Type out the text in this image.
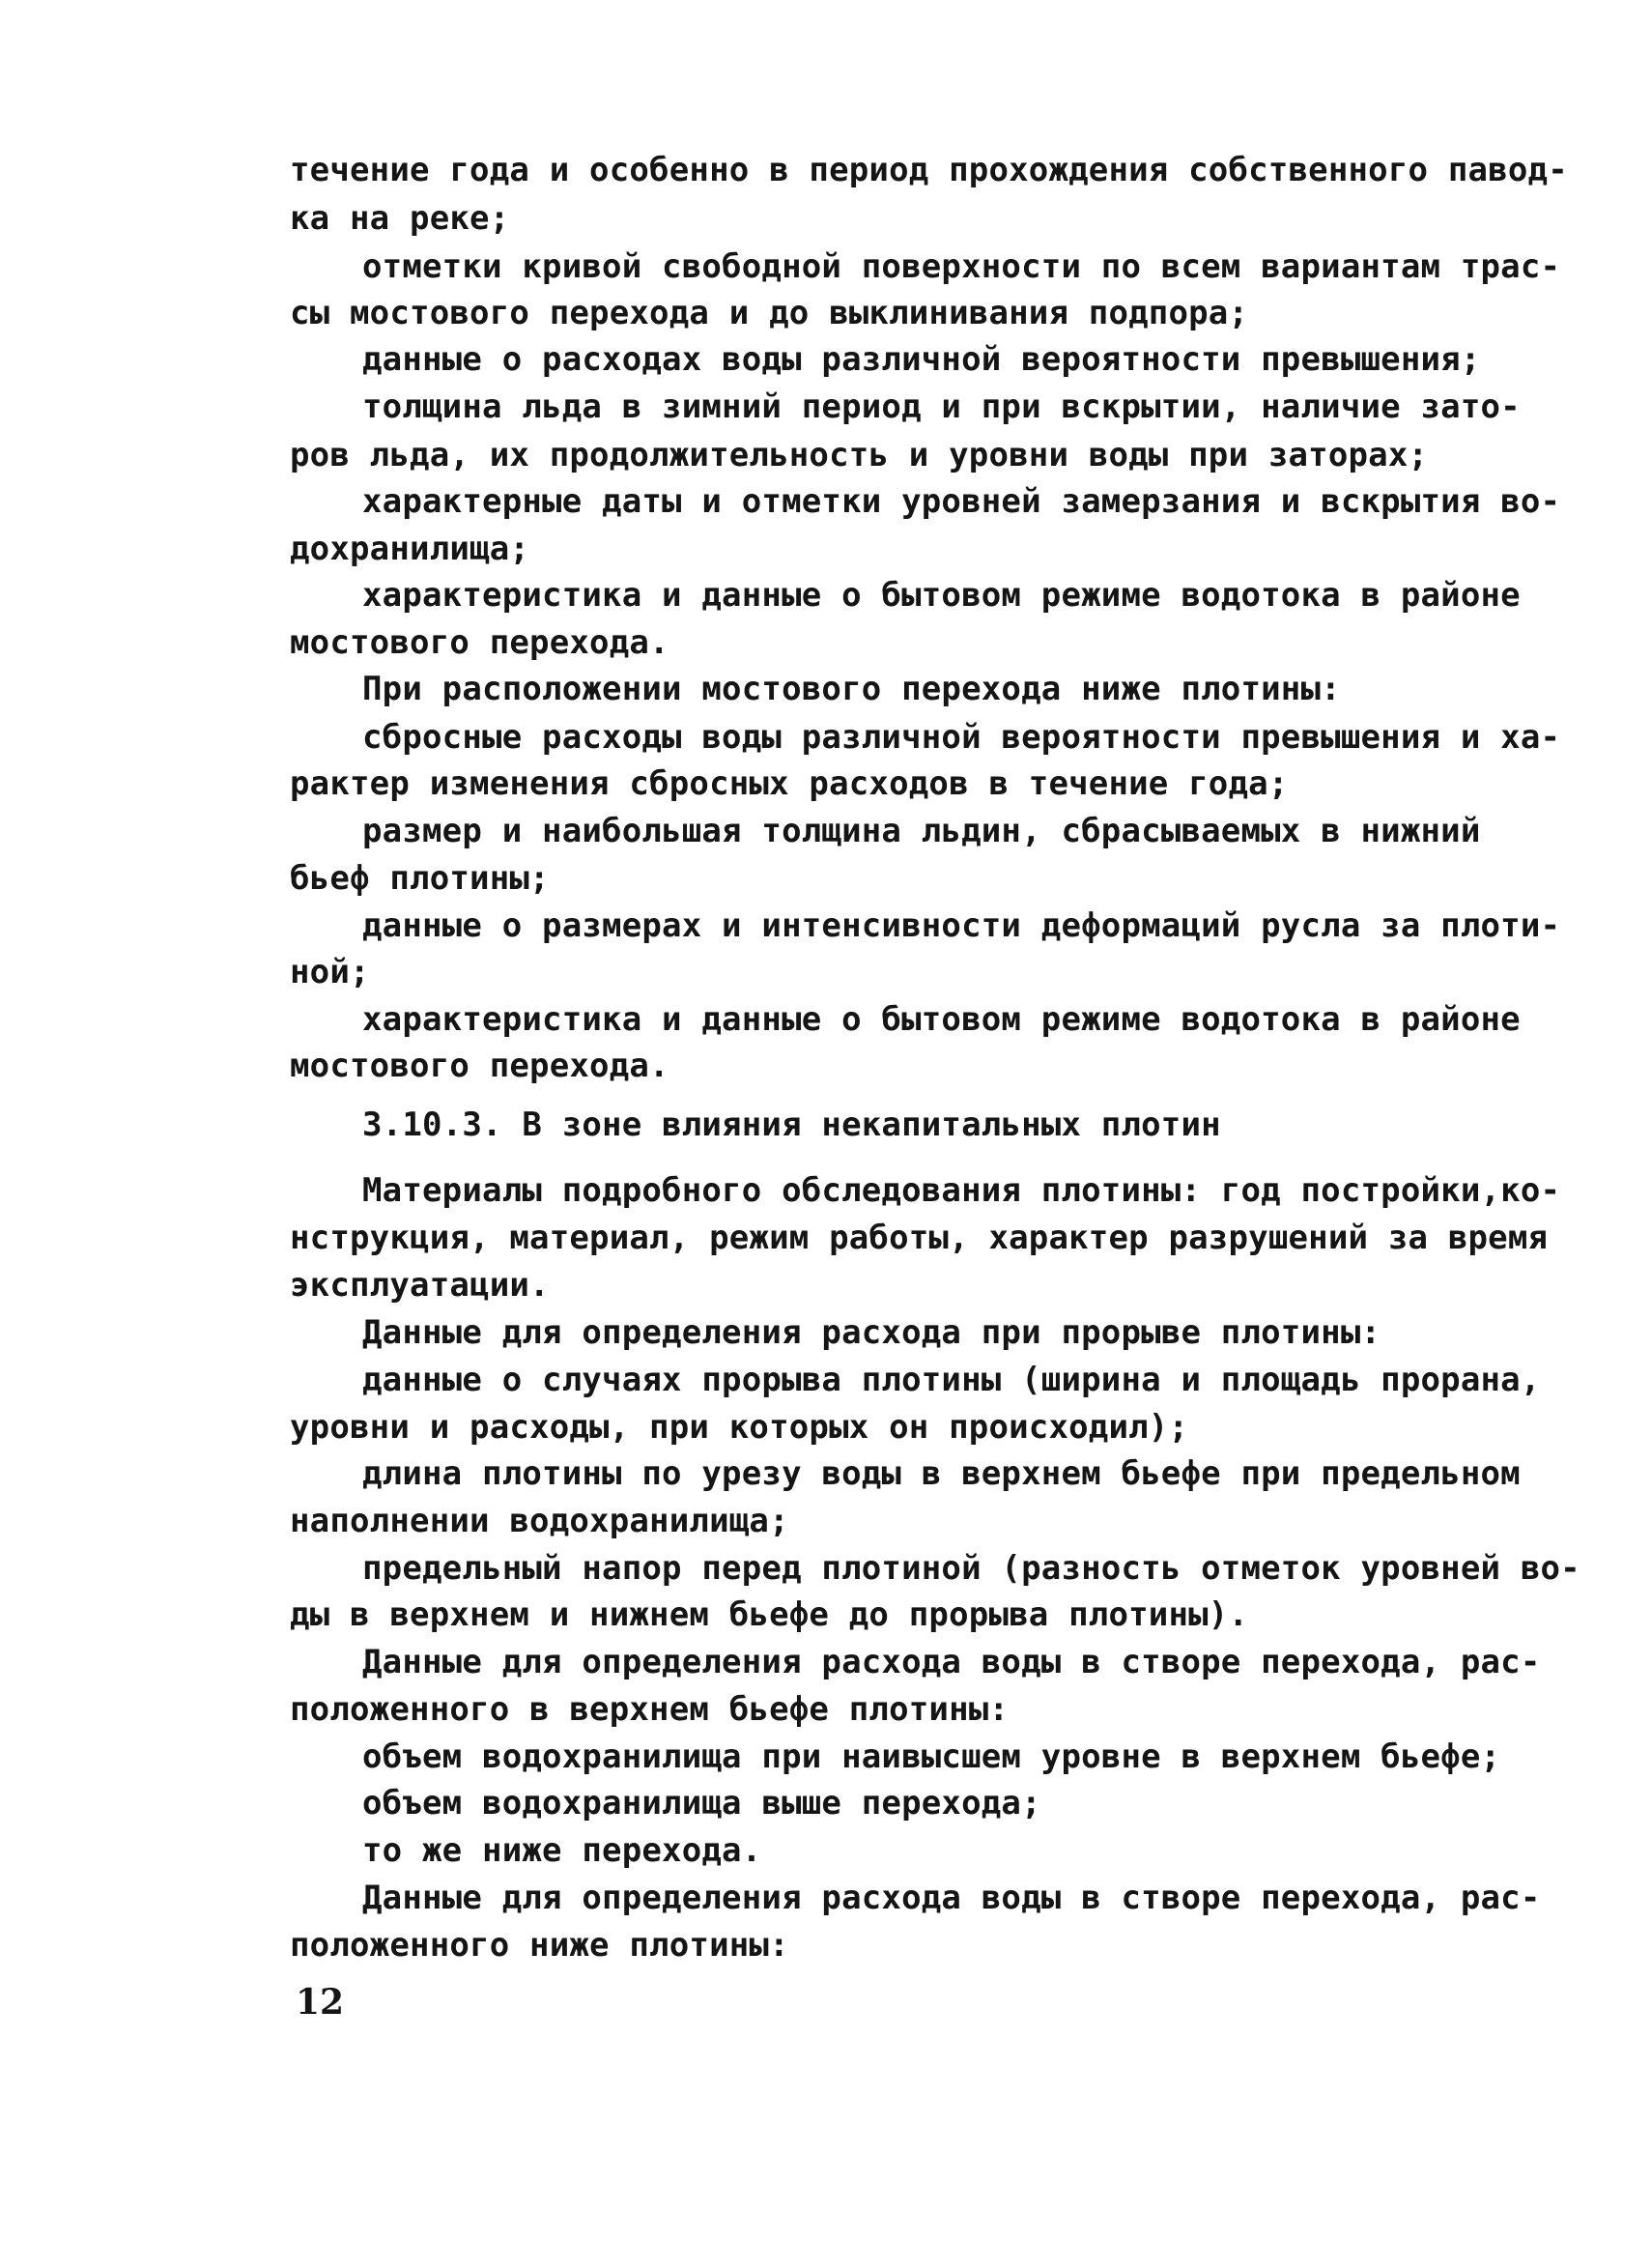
течение года и особенно в период прохождения собственного павод-
ка на реке;
отметки кривой свободной поверхности по всем вариантам трас-
сы мостового перехода и до выклинивания подпора;
данные о расходах воды различной вероятности превышения;
толщина льда в зимний период и при вскрытии, наличие зато-
ров льда, их продолжительность и уровни воды при заторах;
характерные даты и отметки уровней замерзания и вскрытия во-
дохранилища;
характеристика и данные о бытовом режиме водотока в районе
мостового перехода.
При расположении мостового перехода ниже плотины:
сбросные расходы воды различной вероятности превышения и ха-
рактер изменения сбросных расходов в течение года;
размер и наибольшая толщина льдин, сбрасываемых в нижний
бьеф плотины;
данные о размерах и интенсивности деформаций русла за плоти-
ной;
характеристика и данные о бытовом режиме водотока в районе
мостового перехода.
3.10.3. В зоне влияния некапитальных плотин
Материалы подробного обследования плотины: год постройки,ко-
нструкция, материал, режим работы, характер разрушений за время
эксплуатации.
Данные для определения расхода при прорыве плотины:
данные о случаях прорыва плотины (ширина и площадь прорана,
уровни и расходы, при которых он происходил);
длина плотины по урезу воды в верхнем бьефе при предельном
наполнении водохранилища;
предельный напор перед плотиной (разность отметок уровней во-
ды в верхнем и нижнем бьефе до прорыва плотины).
Данные для определения расхода воды в створе перехода, рас-
положенного в верхнем бьефе плотины:
объем водохранилища при наивысшем уровне в верхнем бьефе;
объем водохранилища выше перехода;
то же ниже перехода.
Данные для определения расхода воды в створе перехода, рас-
положенного ниже плотины:
12
